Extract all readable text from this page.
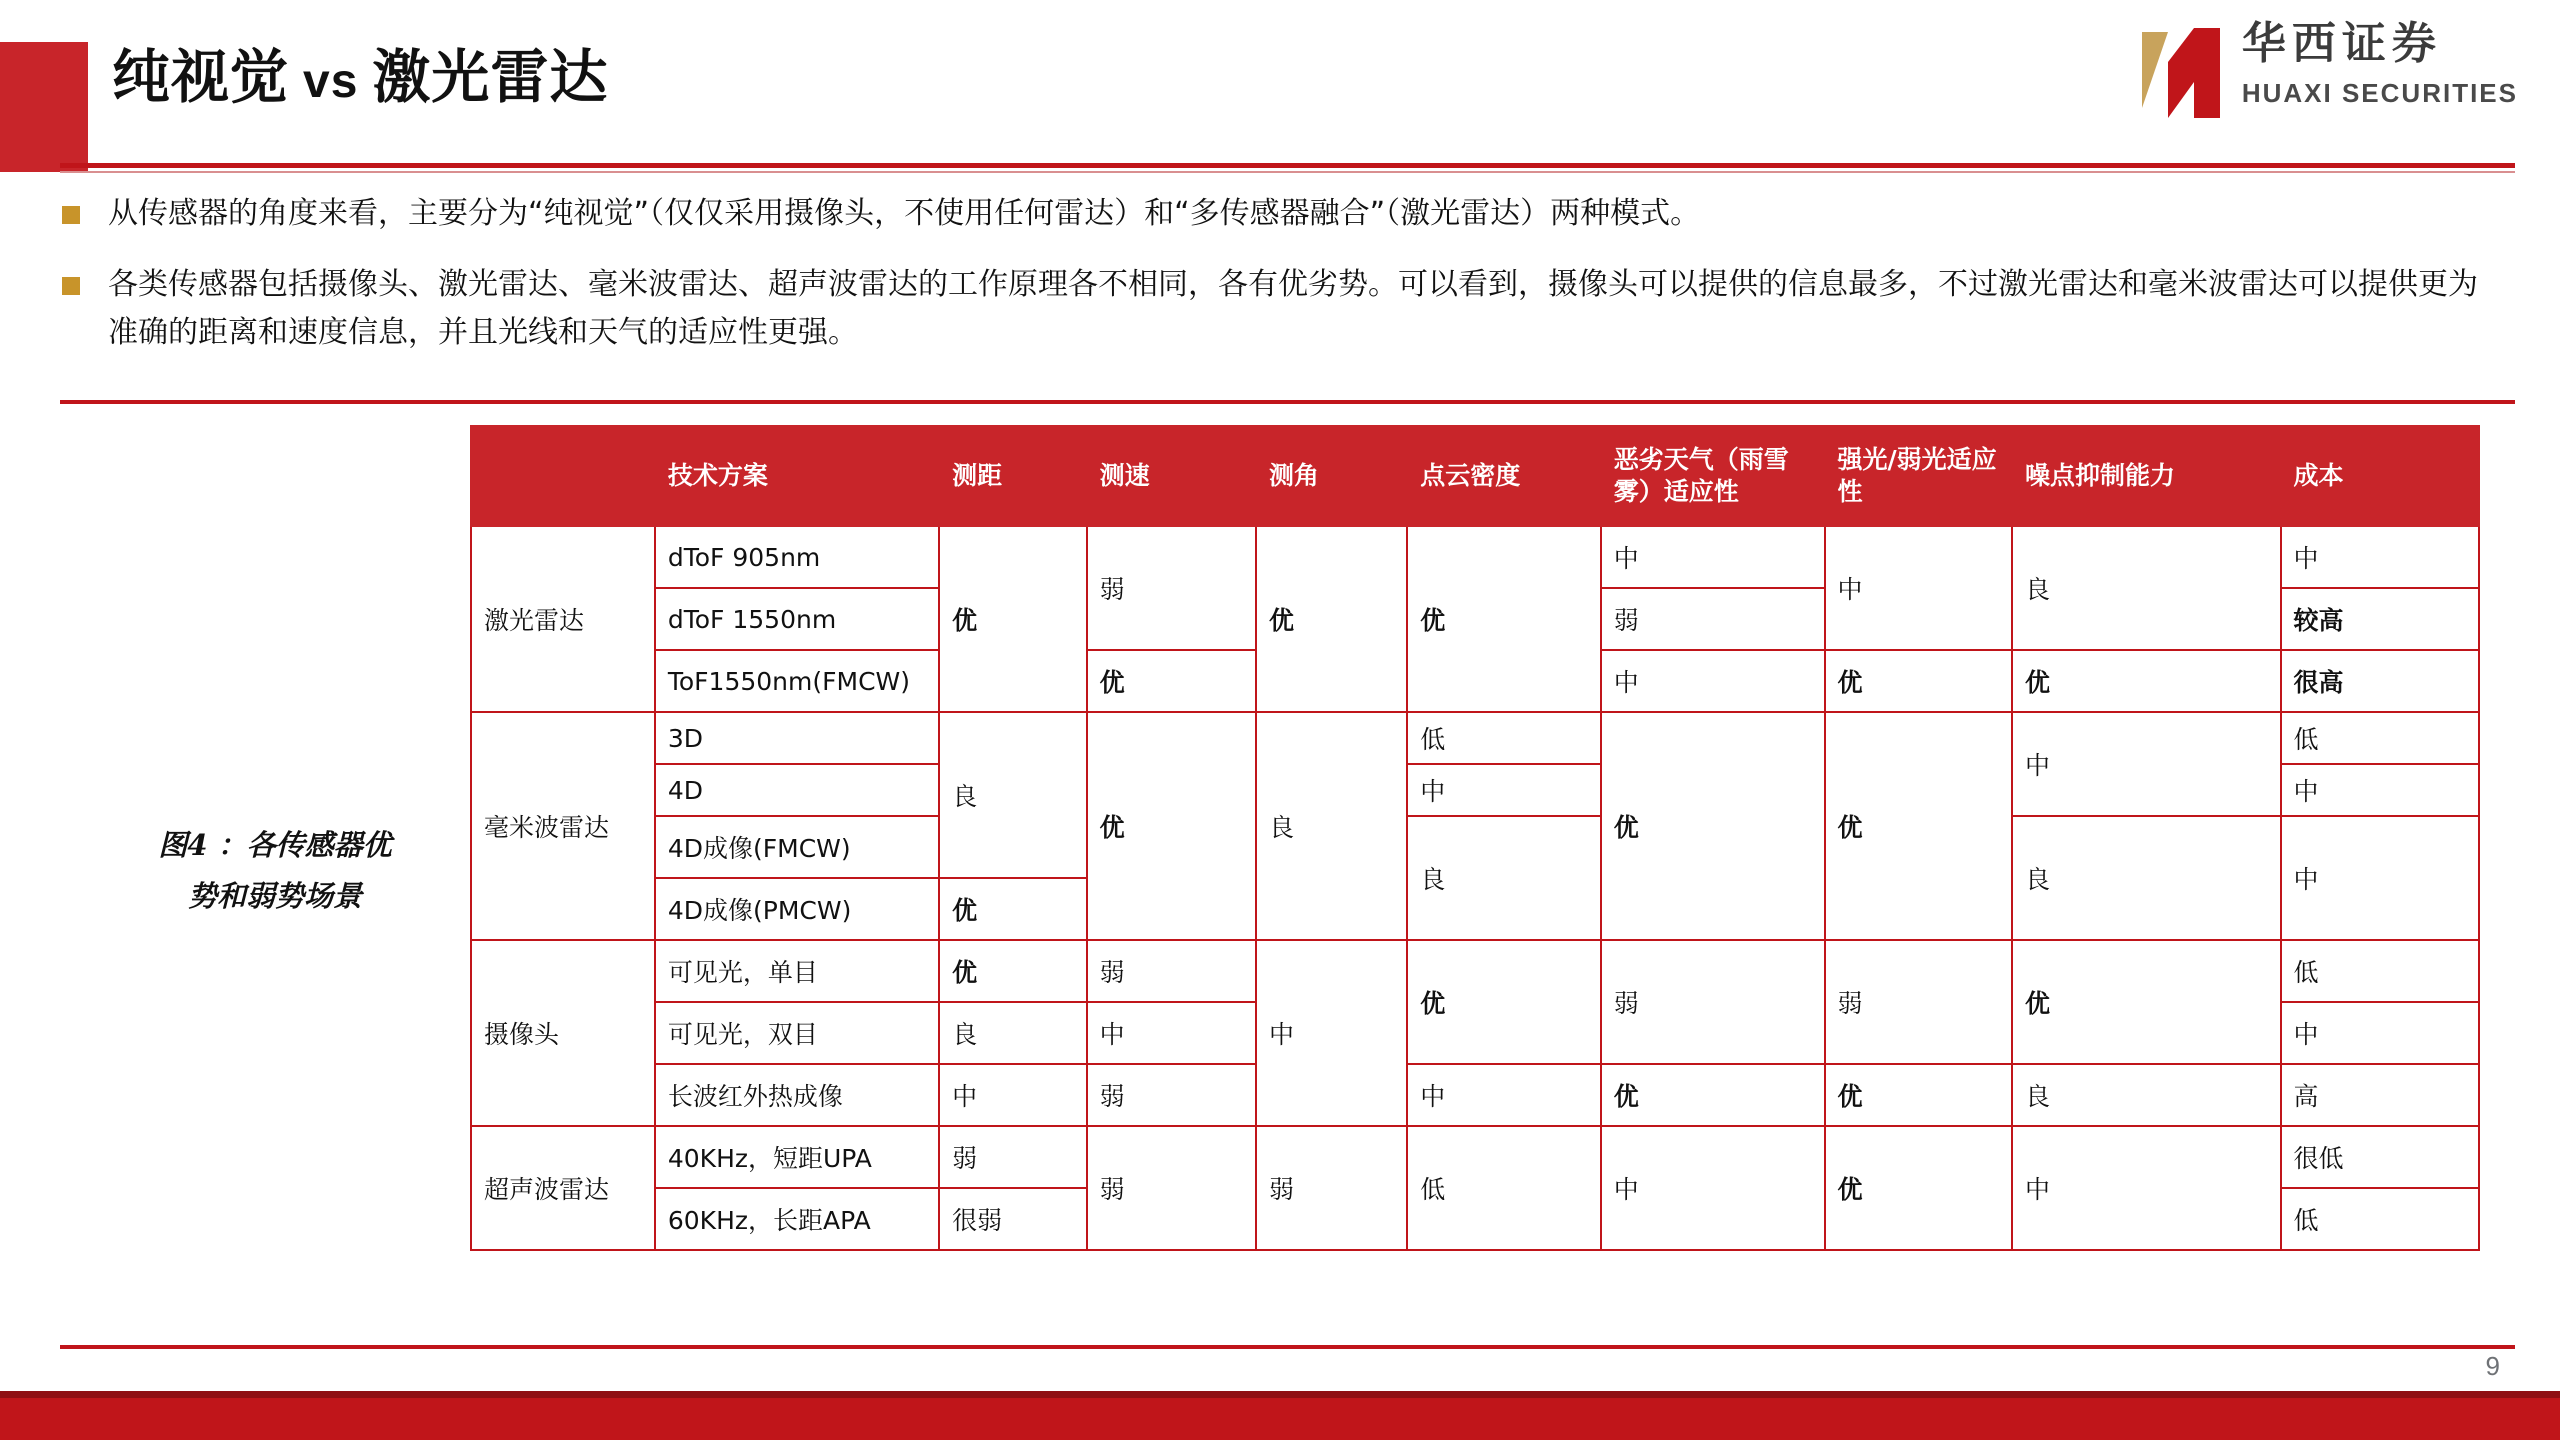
纯视觉 vs 激光雷达
华西证券
HUAXI SECURITIES
从传感器的角度来看，主要分为“纯视觉”（仅仅采用摄像头，不使用任何雷达）和“多传感器融合”（激光雷达）两种模式。
各类传感器包括摄像头、激光雷达、毫米波雷达、超声波雷达的工作原理各不相同，各有优劣势。可以看到，摄像头可以提供的信息最多，不过激光雷达和毫米波雷达可以提供更为准确的距离和速度信息，并且光线和天气的适应性更强。
图4 ：各传感器优
势和弱势场景
	技术方案	测距	测速	测角	点云密度	恶劣天气（雨雪雾）适应性	强光/弱光适应性	噪点抑制能力	成本
激光雷达	dToF 905nm	优	弱	优	优	中	中	良	中
	dToF 1550nm					弱			较高
	ToF1550nm(FMCW)		优			中	优	优	很高
毫米波雷达	3D	良	优	良	低	优	优	中	低
	4D				中				中
	4D成像(FMCW)				良			良	中
	4D成像(PMCW)	优							
摄像头	可见光，单目	优	弱	中	优	弱	弱	优	低
	可见光，双目	良	中						中
	长波红外热成像	中	弱		中	优	优	良	高
超声波雷达	40KHz，短距UPA	弱	弱	弱	低	中	优	中	很低
	60KHz，长距APA	很弱							低
9
